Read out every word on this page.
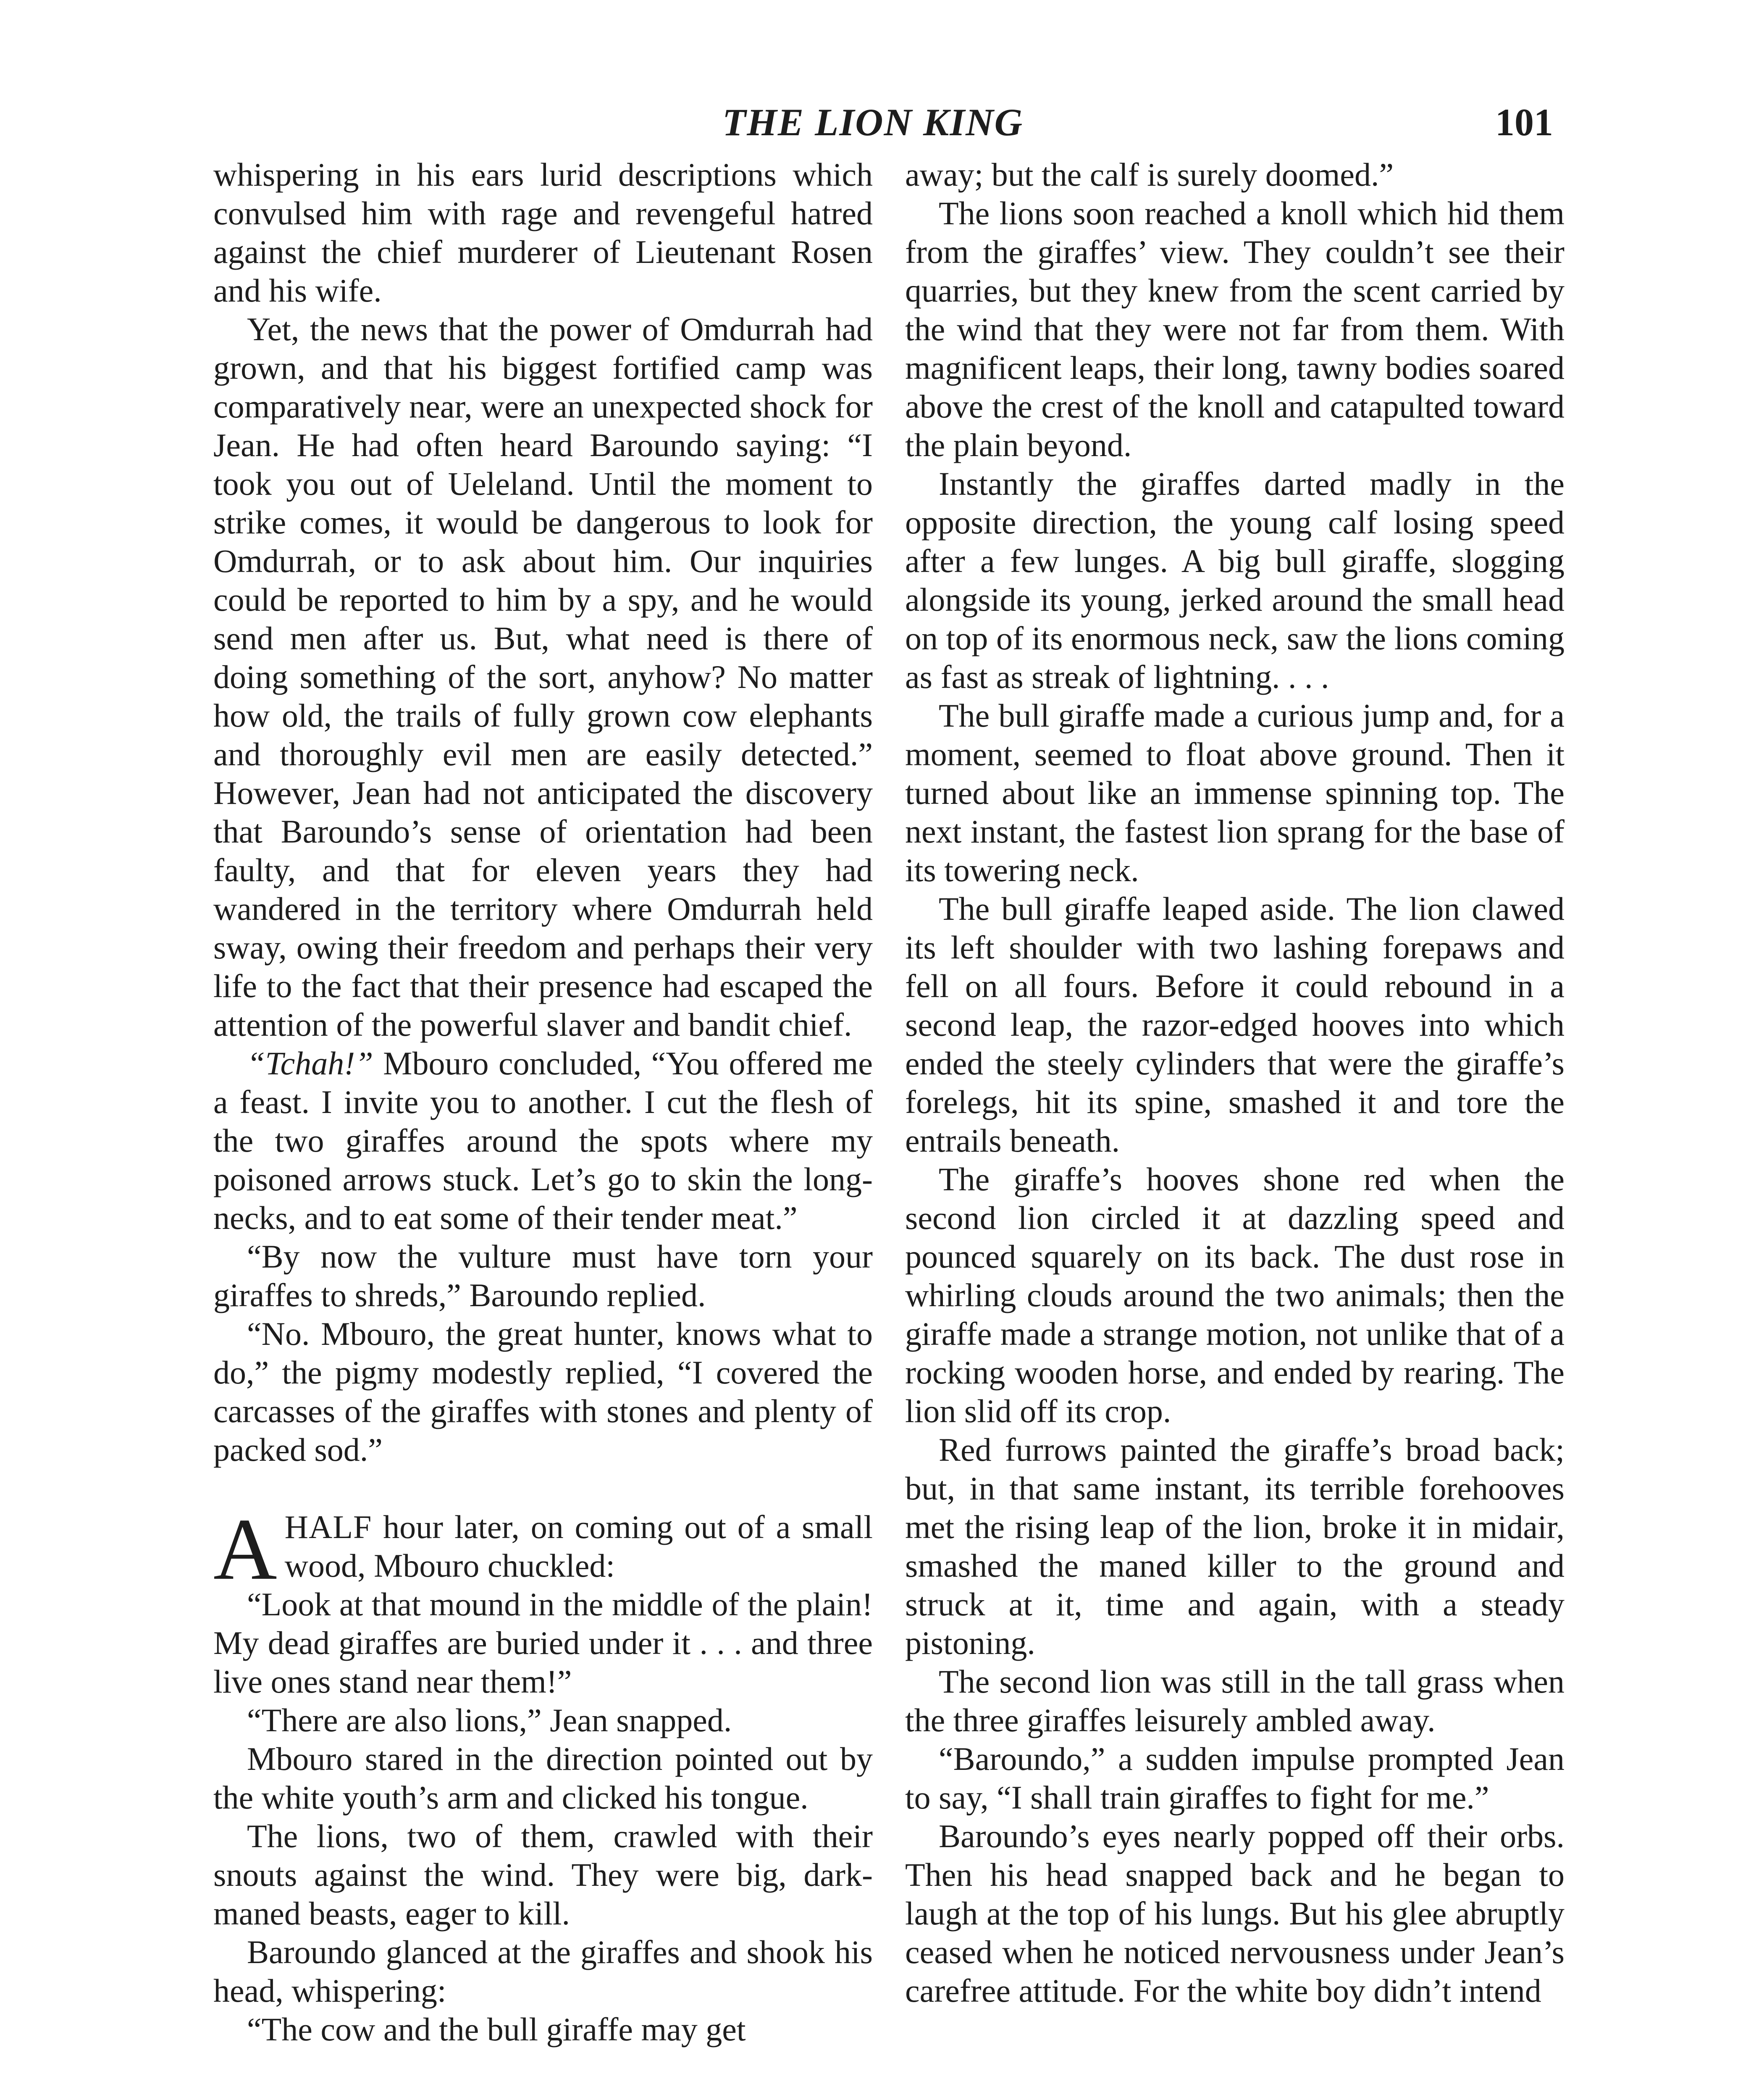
THE LION KING	101

whispering in his ears lurid descriptions which convulsed him with rage and revengeful hatred against the chief murderer of Lieutenant Rosen and his wife.

Yet, the news that the power of Omdurrah had grown, and that his biggest fortified camp was comparatively near, were an unexpected shock for Jean. He had often heard Baroundo saying: “I took you out of Ueleland. Until the moment to strike comes, it would be dangerous to look for Omdurrah, or to ask about him. Our inquiries could be reported to him by a spy, and he would send men after us. But, what need is there of doing something of the sort, anyhow? No matter how old, the trails of fully grown cow elephants and thoroughly evil men are easily detected.” However, Jean had not anticipated the discovery that Baroundo’s sense of orientation had been faulty, and that for eleven years they had wandered in the territory where Omdurrah held sway, owing their freedom and perhaps their very life to the fact that their presence had escaped the attention of the powerful slaver and bandit chief.

“Tchah!” Mbouro concluded, “You offered me a feast. I invite you to another. I cut the flesh of the two giraffes around the spots where my poisoned arrows stuck. Let’s go to skin the long-necks, and to eat some of their tender meat.”

“By now the vulture must have torn your giraffes to shreds,” Baroundo replied.

“No. Mbouro, the great hunter, knows what to do,” the pigmy modestly replied, “I covered the carcasses of the giraffes with stones and plenty of packed sod.”

AHALF hour later, on coming out of a small wood, Mbouro chuckled:

“Look at that mound in the middle of the plain! My dead giraffes are buried under it . . . and three live ones stand near them!”

“There are also lions,” Jean snapped.

Mbouro stared in the direction pointed out by the white youth’s arm and clicked his tongue.

The lions, two of them, crawled with their snouts against the wind. They were big, dark-maned beasts, eager to kill.

Baroundo glanced at the giraffes and shook his head, whispering:

“The cow and the bull giraffe may get

away; but the calf is surely doomed.”

The lions soon reached a knoll which hid them from the giraffes’ view. They couldn’t see their quarries, but they knew from the scent carried by the wind that they were not far from them. With magnificent leaps, their long, tawny bodies soared above the crest of the knoll and catapulted toward the plain beyond.

Instantly the giraffes darted madly in the opposite direction, the young calf losing speed after a few lunges. A big bull giraffe, slogging alongside its young, jerked around the small head on top of its enormous neck, saw the lions coming as fast as streak of lightning. . . .

The bull giraffe made a curious jump and, for a moment, seemed to float above ground. Then it turned about like an immense spinning top. The next instant, the fastest lion sprang for the base of its towering neck.

The bull giraffe leaped aside. The lion clawed its left shoulder with two lashing forepaws and fell on all fours. Before it could rebound in a second leap, the razor-edged hooves into which ended the steely cylinders that were the giraffe’s forelegs, hit its spine, smashed it and tore the entrails beneath.

The giraffe’s hooves shone red when the second lion circled it at dazzling speed and pounced squarely on its back. The dust rose in whirling clouds around the two animals; then the giraffe made a strange motion, not unlike that of a rocking wooden horse, and ended by rearing. The lion slid off its crop.

Red furrows painted the giraffe’s broad back; but, in that same instant, its terrible forehooves met the rising leap of the lion, broke it in midair, smashed the maned killer to the ground and struck at it, time and again, with a steady pistoning.

The second lion was still in the tall grass when the three giraffes leisurely ambled away.

“Baroundo,” a sudden impulse prompted Jean to say, “I shall train giraffes to fight for me.”

Baroundo’s eyes nearly popped off their orbs. Then his head snapped back and he began to laugh at the top of his lungs. But his glee abruptly ceased when he noticed nervousness under Jean’s carefree attitude. For the white boy didn’t intend
